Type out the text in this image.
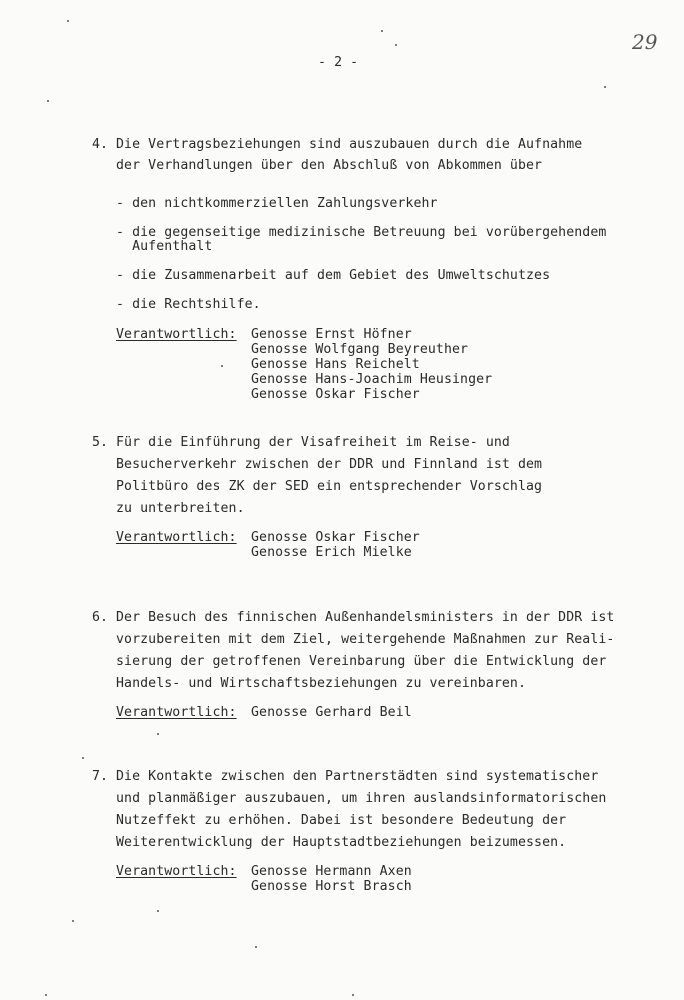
- 2 -
29
4. Die Vertragsbeziehungen sind auszubauen durch die Aufnahme
der Verhandlungen über den Abschluß von Abkommen über
- den nichtkommerziellen Zahlungsverkehr
- die gegenseitige medizinische Betreuung bei vorübergehendem
Aufenthalt
- die Zusammenarbeit auf dem Gebiet des Umweltschutzes
- die Rechtshilfe.
Verantwortlich: Genosse Ernst Höfner
Genosse Wolfgang Beyreuther
Genosse Hans Reichelt
Genosse Hans-Joachim Heusinger
Genosse Oskar Fischer
5. Für die Einführung der Visafreiheit im Reise- und
Besucherverkehr zwischen der DDR und Finnland ist dem
Politbüro des ZK der SED ein entsprechender Vorschlag
zu unterbreiten.
Verantwortlich: Genosse Oskar Fischer
Genosse Erich Mielke
6. Der Besuch des finnischen Außenhandelsministers in der DDR ist
vorzubereiten mit dem Ziel, weitergehende Maßnahmen zur Reali-
sierung der getroffenen Vereinbarung über die Entwicklung der
Handels- und Wirtschaftsbeziehungen zu vereinbaren.
Verantwortlich: Genosse Gerhard Beil
7. Die Kontakte zwischen den Partnerstädten sind systematischer
und planmäßiger auszubauen, um ihren auslandsinformatorischen
Nutzeffekt zu erhöhen. Dabei ist besondere Bedeutung der
Weiterentwicklung der Hauptstadtbeziehungen beizumessen.
Verantwortlich: Genosse Hermann Axen
Genosse Horst Brasch
